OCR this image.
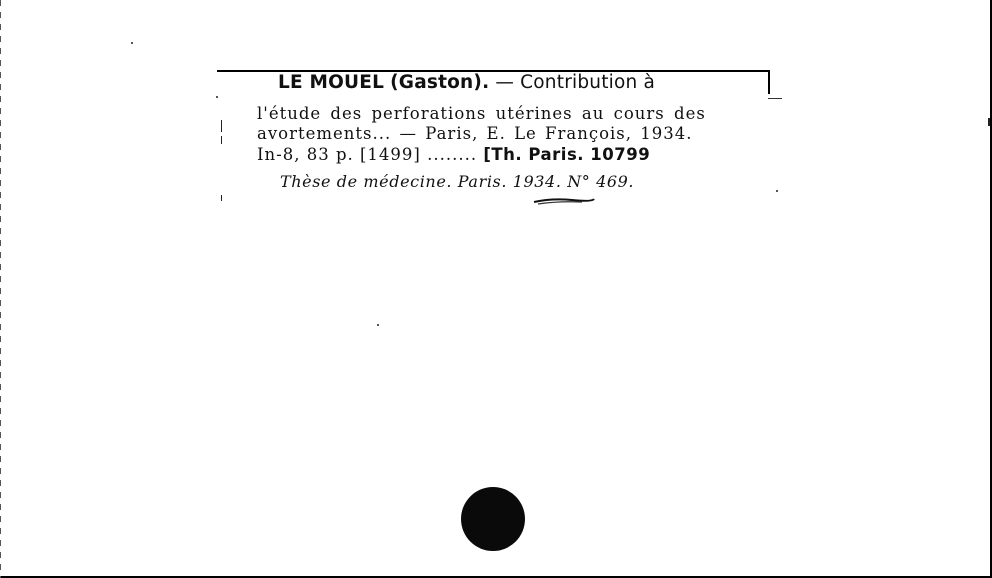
LE MOUEL (Gaston). — Contribution à
l'étude des perforations utérines au cours des
avortements... — Paris, E. Le François, 1934.
In-8, 83 p. [1499] ........ [Th. Paris. 10799
Thèse de médecine. Paris. 1934. N° 469.
